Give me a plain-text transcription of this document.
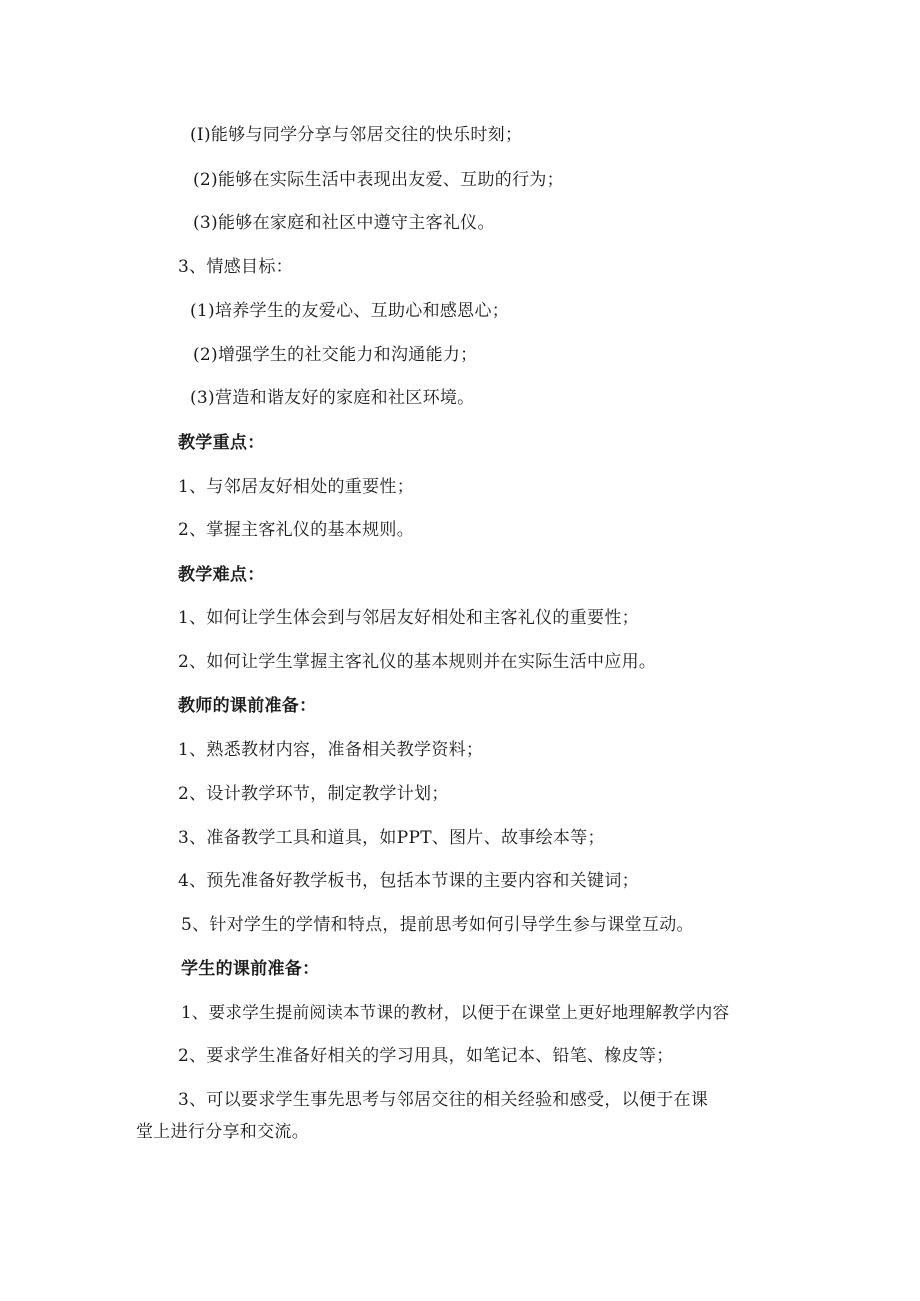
(I)能够与同学分享与邻居交往的快乐时刻；
(2)能够在实际生活中表现出友爱、互助的行为；
(3)能够在家庭和社区中遵守主客礼仪。
3、情感目标：
(1)培养学生的友爱心、互助心和感恩心；
(2)增强学生的社交能力和沟通能力；
(3)营造和谐友好的家庭和社区环境。
教学重点：
1、与邻居友好相处的重要性；
2、掌握主客礼仪的基本规则。
教学难点：
1、如何让学生体会到与邻居友好相处和主客礼仪的重要性；
2、如何让学生掌握主客礼仪的基本规则并在实际生活中应用。
教师的课前准备：
1、熟悉教材内容，准备相关教学资料；
2、设计教学环节，制定教学计划；
3、准备教学工具和道具，如PPT、图片、故事绘本等；
4、预先准备好教学板书，包括本节课的主要内容和关键词；
5、针对学生的学情和特点，提前思考如何引导学生参与课堂互动。
学生的课前准备：
1、要求学生提前阅读本节课的教材，以便于在课堂上更好地理解教学内容
2、要求学生准备好相关的学习用具，如笔记本、铅笔、橡皮等；
3、可以要求学生事先思考与邻居交往的相关经验和感受，以便于在课堂上进行分享和交流。
